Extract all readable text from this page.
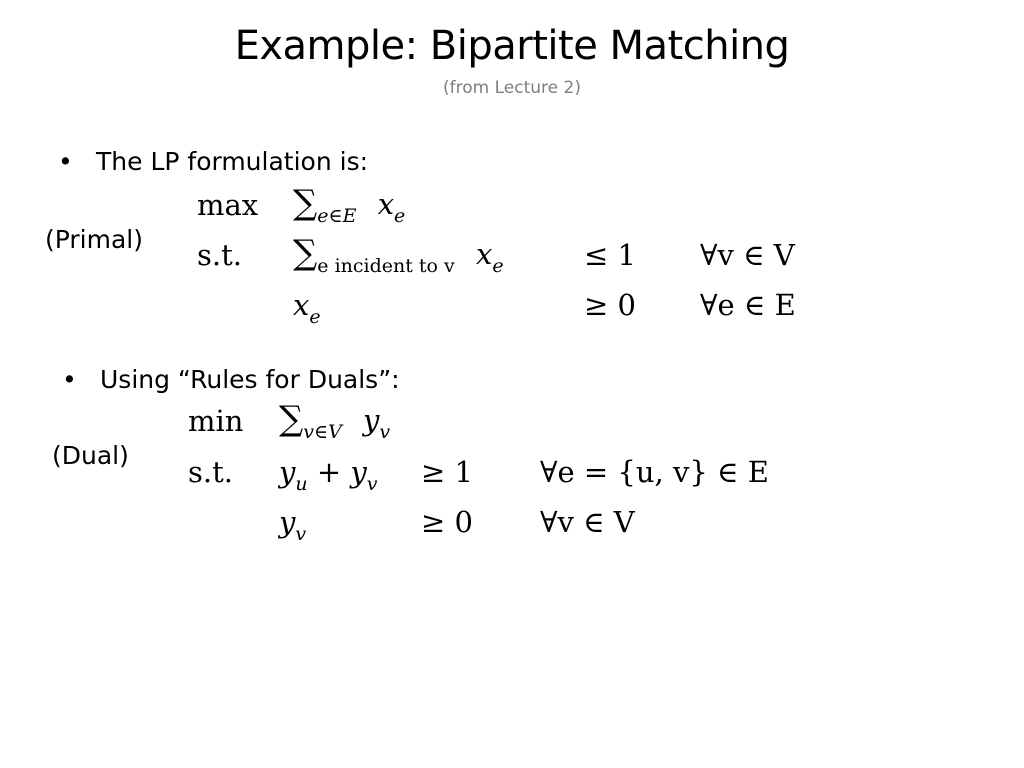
Example: Bipartite Matching
(from Lecture 2)
• The LP formulation is:
(Primal)
$\max \sum_{e\in E}$ $x_e$
s.t. $\sum_{e incident to v}$ $x_e$	≤ 1 ∀v ∈ V
$x_e$	≥ 0 ∀e ∈ E
• Using “Rules for Duals”:
(Dual)
$\min \sum_{v\in V}$ $y_v$
s.t. $y_u + y_v \ge 1$ ∀e = {u, v} ∈ E
$y_v$	≥ 0 ∀v ∈ V
